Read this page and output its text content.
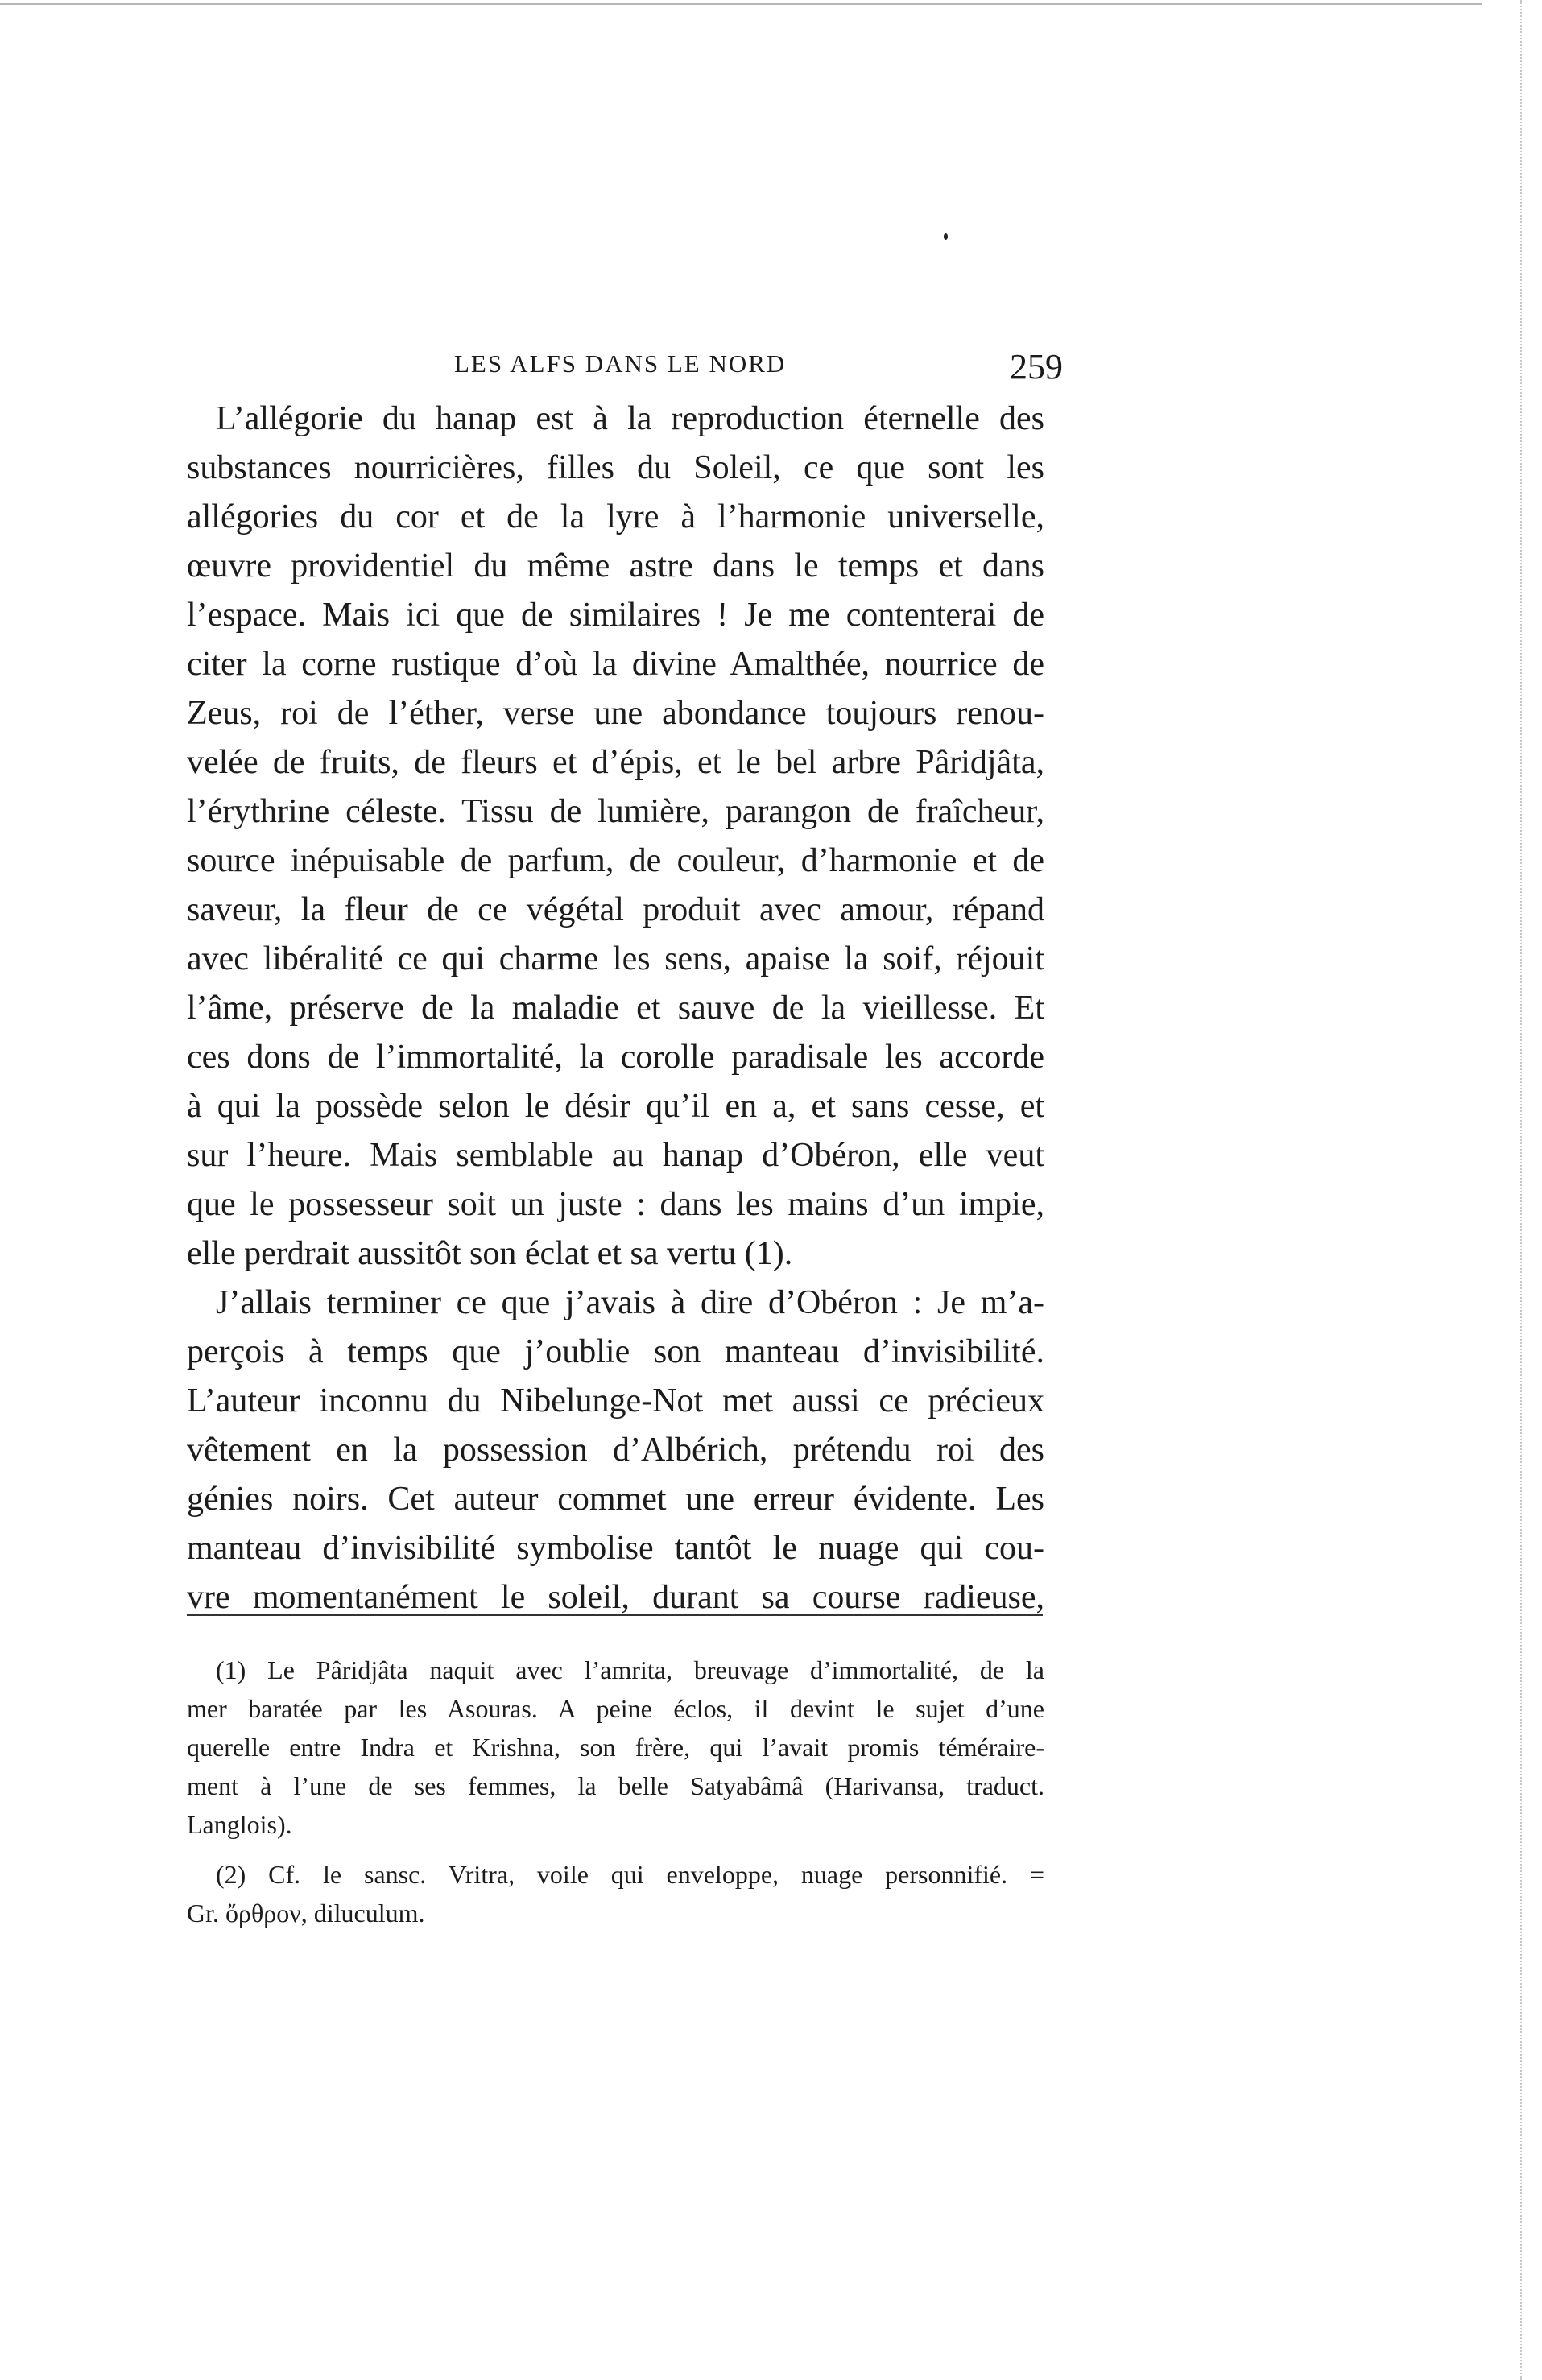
LES ALFS DANS LE NORD	259
L’allégorie du hanap est à la reproduction éternelle des
substances nourricières, filles du Soleil, ce que sont les
allégories du cor et de la lyre à l’harmonie universelle,
œuvre providentiel du même astre dans le temps et dans
l’espace. Mais ici que de similaires ! Je me contenterai de
citer la corne rustique d’où la divine Amalthée, nourrice de
Zeus, roi de l’éther, verse une abondance toujours renou-
velée de fruits, de fleurs et d’épis, et le bel arbre Pâridjâta,
l’érythrine céleste. Tissu de lumière, parangon de fraîcheur,
source inépuisable de parfum, de couleur, d’harmonie et de
saveur, la fleur de ce végétal produit avec amour, répand
avec libéralité ce qui charme les sens, apaise la soif, réjouit
l’âme, préserve de la maladie et sauve de la vieillesse. Et
ces dons de l’immortalité, la corolle paradisale les accorde
à qui la possède selon le désir qu’il en a, et sans cesse, et
sur l’heure. Mais semblable au hanap d’Obéron, elle veut
que le possesseur soit un juste : dans les mains d’un impie,
elle perdrait aussitôt son éclat et sa vertu (1).
J’allais terminer ce que j’avais à dire d’Obéron : Je m’a-
perçois à temps que j’oublie son manteau d’invisibilité.
L’auteur inconnu du Nibelunge-Not met aussi ce précieux
vêtement en la possession d’Albérich, prétendu roi des
génies noirs. Cet auteur commet une erreur évidente. Les
manteau d’invisibilité symbolise tantôt le nuage qui cou-
vre momentanément le soleil, durant sa course radieuse,
(1) Le Pâridjâta naquit avec l’amrita, breuvage d’immortalité, de la
mer baratée par les Asouras. A peine éclos, il devint le sujet d’une
querelle entre Indra et Krishna, son frère, qui l’avait promis téméraire-
ment à l’une de ses femmes, la belle Satyabâmâ (Harivansa, traduct.
Langlois).
(2) Cf. le sansc. Vritra, voile qui enveloppe, nuage personnifié. =
Gr. ὄρθρον, diluculum.
